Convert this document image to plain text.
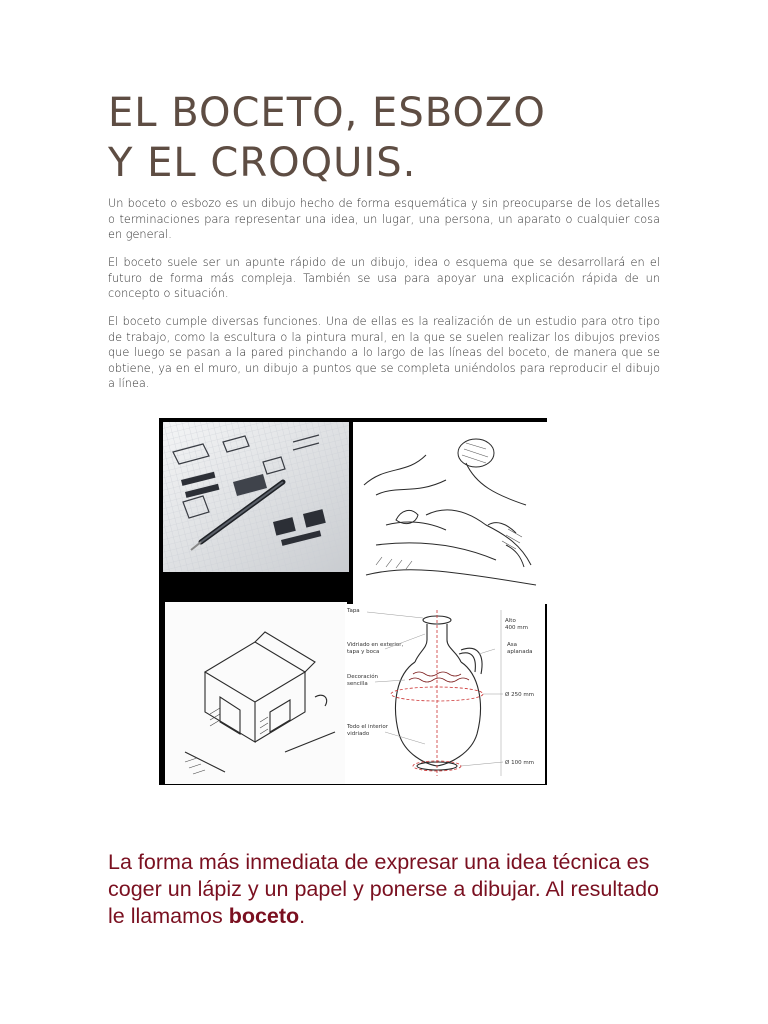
EL BOCETO, ESBOZO
Y EL CROQUIS.

Un boceto o esbozo es un dibujo hecho de forma esquemática y sin preocuparse de los detalles o terminaciones para representar una idea, un lugar, una persona, un aparato o cualquier cosa en general.

El boceto suele ser un apunte rápido de un dibujo, idea o esquema que se desarrollará en el futuro de forma más compleja. También se usa para apoyar una explicación rápida de un concepto o situación.

El boceto cumple diversas funciones. Una de ellas es la realización de un estudio para otro tipo de trabajo, como la escultura o la pintura mural, en la que se suelen realizar los dibujos previos que luego se pasan a la pared pinchando a lo largo de las líneas del boceto, de manera que se obtiene, ya en el muro, un dibujo a puntos que se completa uniéndolos para reproducir el dibujo a línea.

Tapa
Alto
400 mm
Vidriado en exterior,
tapa y boca
Asa
aplanada
Decoración
sencilla
Ø 250 mm
Todo el interior
vidriado
Ø 100 mm

La forma más inmediata de expresar una idea técnica es coger un lápiz y un papel y ponerse a dibujar. Al resultado le llamamos boceto.
